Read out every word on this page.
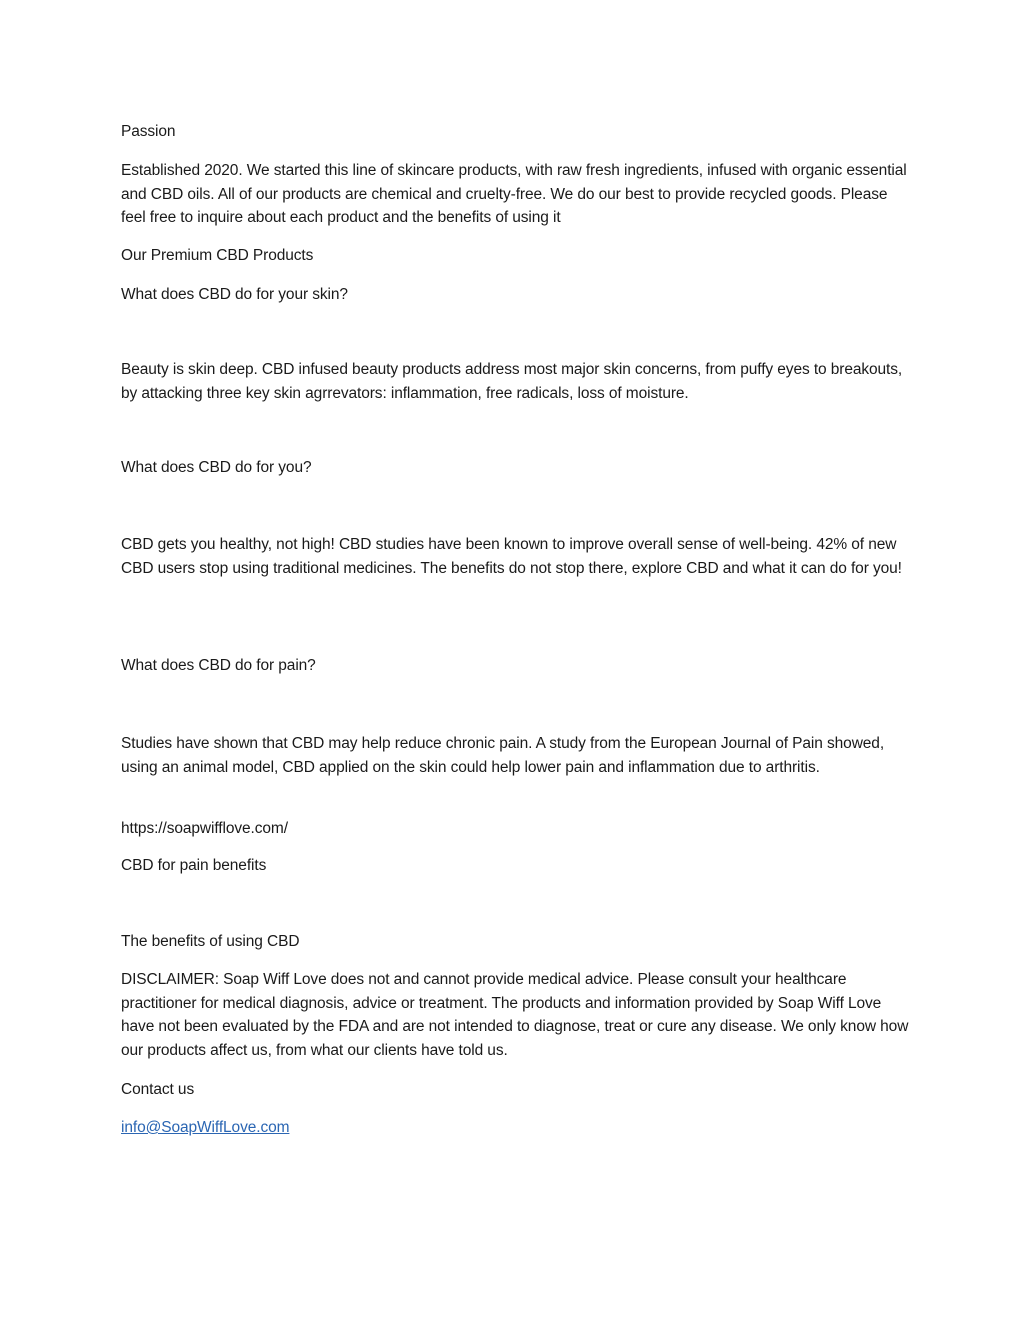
Passion

Established 2020. We started this line of skincare products, with raw fresh ingredients, infused with organic essential and CBD oils. All of our products are chemical and cruelty-free. We do our best to provide recycled goods. Please feel free to inquire about each product and the benefits of using it

Our Premium CBD Products

What does CBD do for your skin?

Beauty is skin deep. CBD infused beauty products address most major skin concerns, from puffy eyes to breakouts, by attacking three key skin agrrevators: inflammation, free radicals, loss of moisture.

What does CBD do for you?

CBD gets you healthy, not high! CBD studies have been known to improve overall sense of well-being. 42% of new CBD users stop using traditional medicines. The benefits do not stop there, explore CBD and what it can do for you!

What does CBD do for pain?

Studies have shown that CBD may help reduce chronic pain. A study from the European Journal of Pain showed, using an animal model, CBD applied on the skin could help lower pain and inflammation due to arthritis.

https://soapwifflove.com/

CBD for pain benefits

The benefits of using CBD

DISCLAIMER: Soap Wiff Love does not and cannot provide medical advice. Please consult your healthcare practitioner for medical diagnosis, advice or treatment. The products and information provided by Soap Wiff Love have not been evaluated by the FDA and are not intended to diagnose, treat or cure any disease. We only know how our products affect us, from what our clients have told us.

Contact us

info@SoapWiffLove.com
